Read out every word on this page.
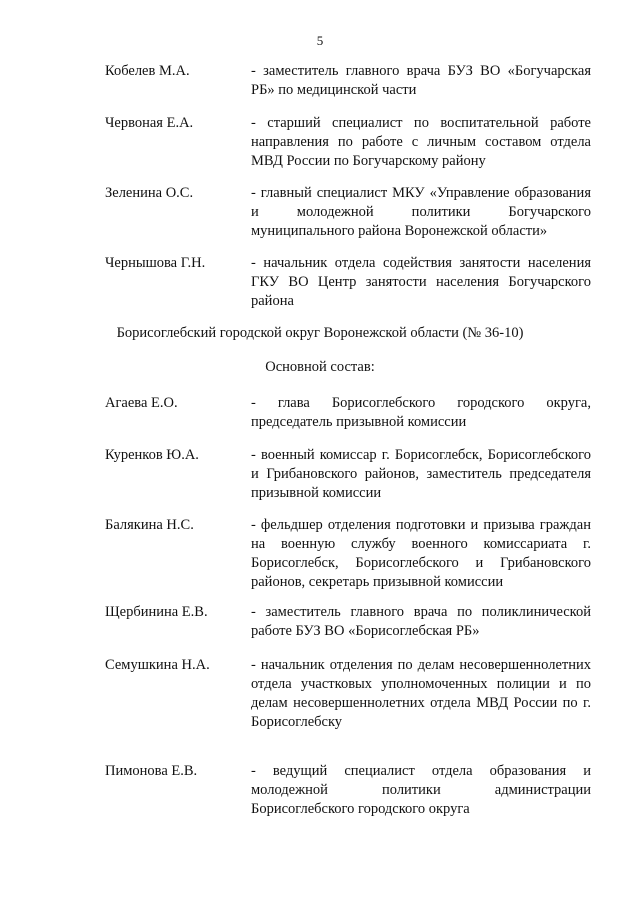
5
Кобелев М.А.	- заместитель главного врача БУЗ ВО «Богучарская РБ» по медицинской части
Червоная Е.А.	- старший специалист по воспитательной работе направления по работе с личным составом отдела МВД России по Богучарскому району
Зеленина О.С.	- главный специалист МКУ «Управление образования и молодежной политики Богучарского муниципального района Воронежской области»
Чернышова Г.Н.	- начальник отдела содействия занятости населения ГКУ ВО Центр занятости населения Богучарского района
Борисоглебский городской округ Воронежской области (№ 36-10)
Основной состав:
Агаева Е.О.	- глава Борисоглебского городского округа, председатель призывной комиссии
Куренков Ю.А.	- военный комиссар г. Борисоглебск, Борисоглебского и Грибановского районов, заместитель председателя призывной комиссии
Балякина Н.С.	- фельдшер отделения подготовки и призыва граждан на военную службу военного комиссариата г. Борисоглебск, Борисоглебского и Грибановского районов, секретарь призывной комиссии
Щербинина Е.В.	- заместитель главного врача по поликлинической работе БУЗ ВО «Борисоглебская РБ»
Семушкина Н.А.	- начальник отделения по делам несовершеннолетних отдела участковых уполномоченных полиции и по делам несовершеннолетних отдела МВД России по г. Борисоглебску
Пимонова Е.В.	- ведущий специалист отдела образования и молодежной политики администрации Борисоглебского городского округа
